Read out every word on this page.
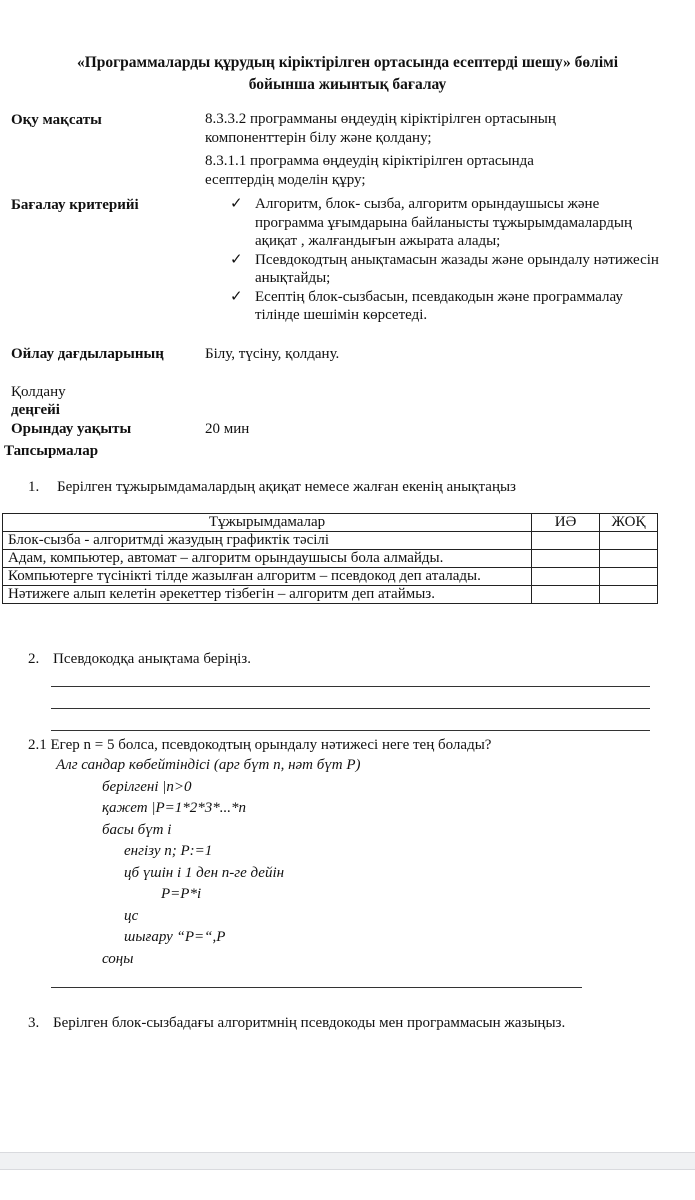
«Программаларды құрудың кіріктірілген ортасында есептерді шешу» бөлімі
бойынша жиынтық бағалау
Оқу мақсаты	8.3.3.2 программаны өңдеудің кіріктірілген ортасының
компоненттерін білу және қолдану;
8.3.1.1 программа өңдеудің кіріктірілген ортасында
есептердің моделін құру;
Бағалау критерийі	✓ Алгоритм, блок- сызба, алгоритм орындаушысы және программа ұғымдарына байланысты тұжырымдамалардың ақиқат , жалғандығын ажырата алады;
✓ Псевдокодтың анықтамасын жазады және орындалу нәтижесін анықтайды;
✓ Есептің блок-сызбасын, псевдакодын және программалау тілінде шешімін көрсетеді.
Ойлау дағдыларының	Білу, түсіну, қолдану.
Қолдану
деңгейі
Орындау уақыты	20 мин
Тапсырмалар
1. Берілген тұжырымдамалардың ақиқат немесе жалған екенің анықтаңыз
Тұжырымдамалар	ИӘ	ЖОҚ
Блок-сызба - алгоритмді жазудың графиктік тәсілі		
Адам, компьютер, автомат – алгоритм орындаушысы бола алмайды.		
Компьютерге түсінікті тілде жазылған алгоритм – псевдокод деп аталады.		
Нәтижеге алып келетін әрекеттер тізбегін – алгоритм деп атаймыз.		
2. Псевдокодқа анықтама беріңіз.
2.1 Егер n = 5 болса, псевдокодтың орындалу нәтижесі неге тең болады?
Алг сандар көбейтіндісі (арг бүт n, нәт бүт P)
берілгені |n>0
қажет |P=1*2*3*...*n
басы бүт i
енгізу n; P:=1
цб үшін і 1 ден n-ге дейін
P=P*i
цс
шығару “P=“,P
соңы
3. Берілген блок-сызбадағы алгоритмнің псевдокоды мен программасын жазыңыз.
